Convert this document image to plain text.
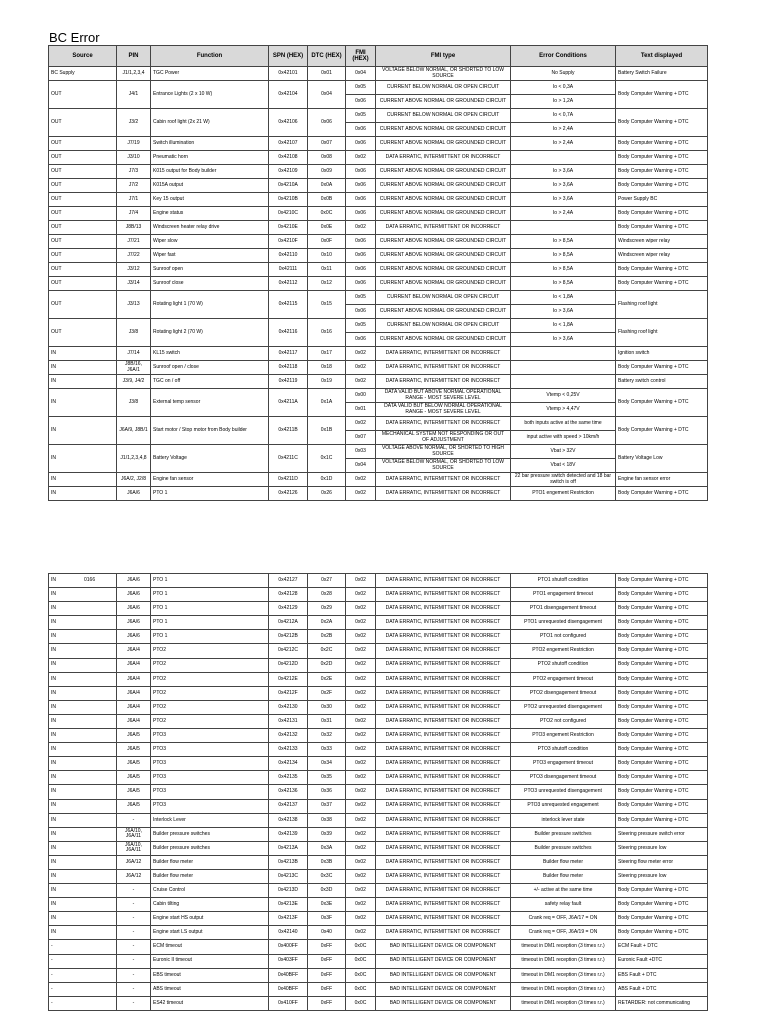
BC Error
Source	PIN	Function	SPN (HEX)	DTC (HEX)	FMI (HEX)	FMI type	Error Conditions	Text displayed
BC Supply	J1/1,2,3,4	TGC Power	0x42101	0x01	0x04	VOLTAGE BELOW NORMAL, OR SHORTED TO LOW SOURCE	No Supply	Battery Switch Failure
OUT	J4/1	Entrance Lights (2 x 10 W)	0x42104	0x04	0x05	CURRENT BELOW NORMAL OR OPEN CIRCUIT	Io < 0,3A	Body Computer Warning + DTC
					0x06	CURRENT ABOVE NORMAL OR GROUNDED CIRCUIT	Io > 1,2A	
OUT	J3/2	Cabin roof light (2x 21 W)	0x42106	0x06	0x05	CURRENT BELOW NORMAL OR OPEN CIRCUIT	Io < 0,7A	Body Computer Warning + DTC
					0x06	CURRENT ABOVE NORMAL OR GROUNDED CIRCUIT	Io > 2,4A	
OUT	J7/19	Switch illumination	0x42107	0x07	0x06	CURRENT ABOVE NORMAL OR GROUNDED CIRCUIT	Io > 2,4A	Body Computer Warning + DTC
OUT	J3/10	Pneumatic horn	0x42108	0x08	0x02	DATA ERRATIC, INTERMITTENT OR INCORRECT		Body Computer Warning + DTC
OUT	J7/3	K015 output for Body builder	0x42109	0x09	0x06	CURRENT ABOVE NORMAL OR GROUNDED CIRCUIT	Io > 3,6A	Body Computer Warning + DTC
OUT	J7/2	K015A output	0x4210A	0x0A	0x06	CURRENT ABOVE NORMAL OR GROUNDED CIRCUIT	Io > 3,6A	Body Computer Warning + DTC
OUT	J7/1	Key 15 output	0x4210B	0x0B	0x06	CURRENT ABOVE NORMAL OR GROUNDED CIRCUIT	Io > 3,6A	Power Supply BC
OUT	J7/4	Engine status	0x4210C	0x0C	0x06	CURRENT ABOVE NORMAL OR GROUNDED CIRCUIT	Io > 2,4A	Body Computer Warning + DTC
OUT	J8B/13	Windscreen heater relay drive	0x4210E	0x0E	0x02	DATA ERRATIC, INTERMITTENT OR INCORRECT		Body Computer Warning + DTC
OUT	J7/21	Wiper slow	0x4210F	0x0F	0x06	CURRENT ABOVE NORMAL OR GROUNDED CIRCUIT	Io > 8,5A	Windscreen wiper relay
OUT	J7/22	Wiper fast	0x42110	0x10	0x06	CURRENT ABOVE NORMAL OR GROUNDED CIRCUIT	Io > 8,5A	Windscreen wiper relay
OUT	J3/12	Sunroof open	0x42111	0x11	0x06	CURRENT ABOVE NORMAL OR GROUNDED CIRCUIT	Io > 8,5A	Body Computer Warning + DTC
OUT	J3/14	Sunroof close	0x42112	0x12	0x06	CURRENT ABOVE NORMAL OR GROUNDED CIRCUIT	Io > 8,5A	Body Computer Warning + DTC
OUT	J3/13	Rotating light 1 (70 W)	0x42115	0x15	0x05	CURRENT BELOW NORMAL OR OPEN CIRCUIT	Io < 1,8A	Flashing roof light
					0x06	CURRENT ABOVE NORMAL OR GROUNDED CIRCUIT	Io > 3,6A	
OUT	J3/8	Rotating light 2 (70 W)	0x42116	0x16	0x05	CURRENT BELOW NORMAL OR OPEN CIRCUIT	Io < 1,8A	Flashing roof light
					0x06	CURRENT ABOVE NORMAL OR GROUNDED CIRCUIT	Io > 3,6A	
IN	J7/14	KL15 switch	0x42117	0x17	0x02	DATA ERRATIC, INTERMITTENT OR INCORRECT		Ignition switch
IN	J8B/16, J6A/1	Sunroof open / close	0x42118	0x18	0x02	DATA ERRATIC, INTERMITTENT OR INCORRECT		Body Computer Warning + DTC
IN	J3/9, J4/2	TGC on / off	0x42119	0x19	0x02	DATA ERRATIC, INTERMITTENT OR INCORRECT		Battery switch control
IN	J3/8	External temp sensor	0x4211A	0x1A	0x00	DATA VALID BUT ABOVE NORMAL OPERATIONAL RANGE - MOST SEVERE LEVEL	Vtemp < 0,25V	Body Computer Warning + DTC
					0x01	DATA VALID BUT BELOW NORMAL OPERATIONAL RANGE - MOST SEVERE LEVEL	Vtemp > 4,47V	
IN	J6A/9, J8B/1	Start motor / Stop motor from Body builder	0x4211B	0x1B	0x02	DATA ERRATIC, INTERMITTENT OR INCORRECT	both inputs active at the same time	Body Computer Warning + DTC
					0x07	MECHANICAL SYSTEM NOT RESPONDING OR OUT OF ADJUSTMENT	input active with speed > 10km/h	
IN	J1/1,2,3,4,8	Battery Voltage	0x4211C	0x1C	0x03	VOLTAGE ABOVE NORMAL, OR SHORTED TO HIGH SOURCE	Vbat > 32V	Battery Voltage Low
					0x04	VOLTAGE BELOW NORMAL, OR SHORTED TO LOW SOURCE	Vbat < 18V	
IN	J6A/2, J2/8	Engine fan sensor	0x4211D	0x1D	0x02	DATA ERRATIC, INTERMITTENT OR INCORRECT	22 bar pressure switch detected and 18 bar switch is off	Engine fan sensor error
IN	J6A/6	PTO 1	0x42126	0x26	0x02	DATA ERRATIC, INTERMITTENT OR INCORRECT	PTO1 engement Restriction	Body Computer Warning + DTC
IN 0166	J6A/6	PTO 1	0x42127	0x27	0x02	DATA ERRATIC, INTERMITTENT OR INCORRECT	PTO1 shutoff condition	Body Computer Warning + DTC
IN	J6A/6	PTO 1	0x42128	0x28	0x02	DATA ERRATIC, INTERMITTENT OR INCORRECT	PTO1 engagement timeout	Body Computer Warning + DTC
IN	J6A/6	PTO 1	0x42129	0x29	0x02	DATA ERRATIC, INTERMITTENT OR INCORRECT	PTO1 disengagement timeout	Body Computer Warning + DTC
IN	J6A/6	PTO 1	0x4212A	0x2A	0x02	DATA ERRATIC, INTERMITTENT OR INCORRECT	PTO1 unrequested disengagement	Body Computer Warning + DTC
IN	J6A/6	PTO 1	0x4212B	0x2B	0x02	DATA ERRATIC, INTERMITTENT OR INCORRECT	PTO1 not configured	Body Computer Warning + DTC
IN	J6A/4	PTO2	0x4212C	0x2C	0x02	DATA ERRATIC, INTERMITTENT OR INCORRECT	PTO2 engement Restriction	Body Computer Warning + DTC
IN	J6A/4	PTO2	0x4212D	0x2D	0x02	DATA ERRATIC, INTERMITTENT OR INCORRECT	PTO2 shutoff condition	Body Computer Warning + DTC
IN	J6A/4	PTO2	0x4212E	0x2E	0x02	DATA ERRATIC, INTERMITTENT OR INCORRECT	PTO2 engagement timeout	Body Computer Warning + DTC
IN	J6A/4	PTO2	0x4212F	0x2F	0x02	DATA ERRATIC, INTERMITTENT OR INCORRECT	PTO2 disengagement timeout	Body Computer Warning + DTC
IN	J6A/4	PTO2	0x42130	0x30	0x02	DATA ERRATIC, INTERMITTENT OR INCORRECT	PTO2 unrequested disengagement	Body Computer Warning + DTC
IN	J6A/4	PTO2	0x42131	0x31	0x02	DATA ERRATIC, INTERMITTENT OR INCORRECT	PTO2 not configured	Body Computer Warning + DTC
IN	J6A/5	PTO3	0x42132	0x32	0x02	DATA ERRATIC, INTERMITTENT OR INCORRECT	PTO3 engement Restriction	Body Computer Warning + DTC
IN	J6A/5	PTO3	0x42133	0x33	0x02	DATA ERRATIC, INTERMITTENT OR INCORRECT	PTO3 shutoff condition	Body Computer Warning + DTC
IN	J6A/5	PTO3	0x42134	0x34	0x02	DATA ERRATIC, INTERMITTENT OR INCORRECT	PTO3 engagement timeout	Body Computer Warning + DTC
IN	J6A/5	PTO3	0x42135	0x35	0x02	DATA ERRATIC, INTERMITTENT OR INCORRECT	PTO3 disengagement timeout	Body Computer Warning + DTC
IN	J6A/5	PTO3	0x42136	0x36	0x02	DATA ERRATIC, INTERMITTENT OR INCORRECT	PTO3 unrequested disengagement	Body Computer Warning + DTC
IN	J6A/5	PTO3	0x42137	0x37	0x02	DATA ERRATIC, INTERMITTENT OR INCORRECT	PTO3 unrequested engagement	Body Computer Warning + DTC
IN	-	Interlock Lever	0x42138	0x38	0x02	DATA ERRATIC, INTERMITTENT OR INCORRECT	interlock lever state	Body Computer Warning + DTC
IN	J6A/10, J6A/11	Builder pressure switches	0x42139	0x39	0x02	DATA ERRATIC, INTERMITTENT OR INCORRECT	Builder pressure switches	Steering pressure switch error
IN	J6A/10, J6A/11	Builder pressure switches	0x4213A	0x3A	0x02	DATA ERRATIC, INTERMITTENT OR INCORRECT	Builder pressure switches	Steering pressure low
IN	J6A/12	Builder flow meter	0x4213B	0x3B	0x02	DATA ERRATIC, INTERMITTENT OR INCORRECT	Builder flow meter	Steering flow meter error
IN	J6A/12	Builder flow meter	0x4213C	0x3C	0x02	DATA ERRATIC, INTERMITTENT OR INCORRECT	Builder flow meter	Steering pressure low
IN	-	Cruise Control	0x4213D	0x3D	0x02	DATA ERRATIC, INTERMITTENT OR INCORRECT	+/- active at the same time	Body Computer Warning + DTC
IN	-	Cabin tilting	0x4213E	0x3E	0x02	DATA ERRATIC, INTERMITTENT OR INCORRECT	safety relay fault	Body Computer Warning + DTC
IN	-	Engine start HS output	0x4213F	0x3F	0x02	DATA ERRATIC, INTERMITTENT OR INCORRECT	Crank req = OFF, J6A/17 = ON	Body Computer Warning + DTC
IN	-	Engine start LS output	0x42140	0x40	0x02	DATA ERRATIC, INTERMITTENT OR INCORRECT	Crank req = OFF, J6A/19 = ON	Body Computer Warning + DTC
-	-	ECM timeout	0x400FF	0xFF	0x0C	BAD INTELLIGENT DEVICE OR COMPONENT	timeout in DM1 reception (3 times r.r.)	ECM Fault + DTC
-	-	Euronic II timeout	0x403FF	0xFF	0x0C	BAD INTELLIGENT DEVICE OR COMPONENT	timeout in DM1 reception (3 times r.r.)	Euronic Fault +DTC
-	-	EBS timeout	0x40BFF	0xFF	0x0C	BAD INTELLIGENT DEVICE OR COMPONENT	timeout in DM1 reception (3 times r.r.)	EBS Fault + DTC
-	-	ABS timeout	0x40BFF	0xFF	0x0C	BAD INTELLIGENT DEVICE OR COMPONENT	timeout in DM1 reception (3 times r.r.)	ABS Fault + DTC
-	-	ES42 timeout	0x410FF	0xFF	0x0C	BAD INTELLIGENT DEVICE OR COMPONENT	timeout in DM1 reception (3 times r.r.)	RETARDER: not communicating
